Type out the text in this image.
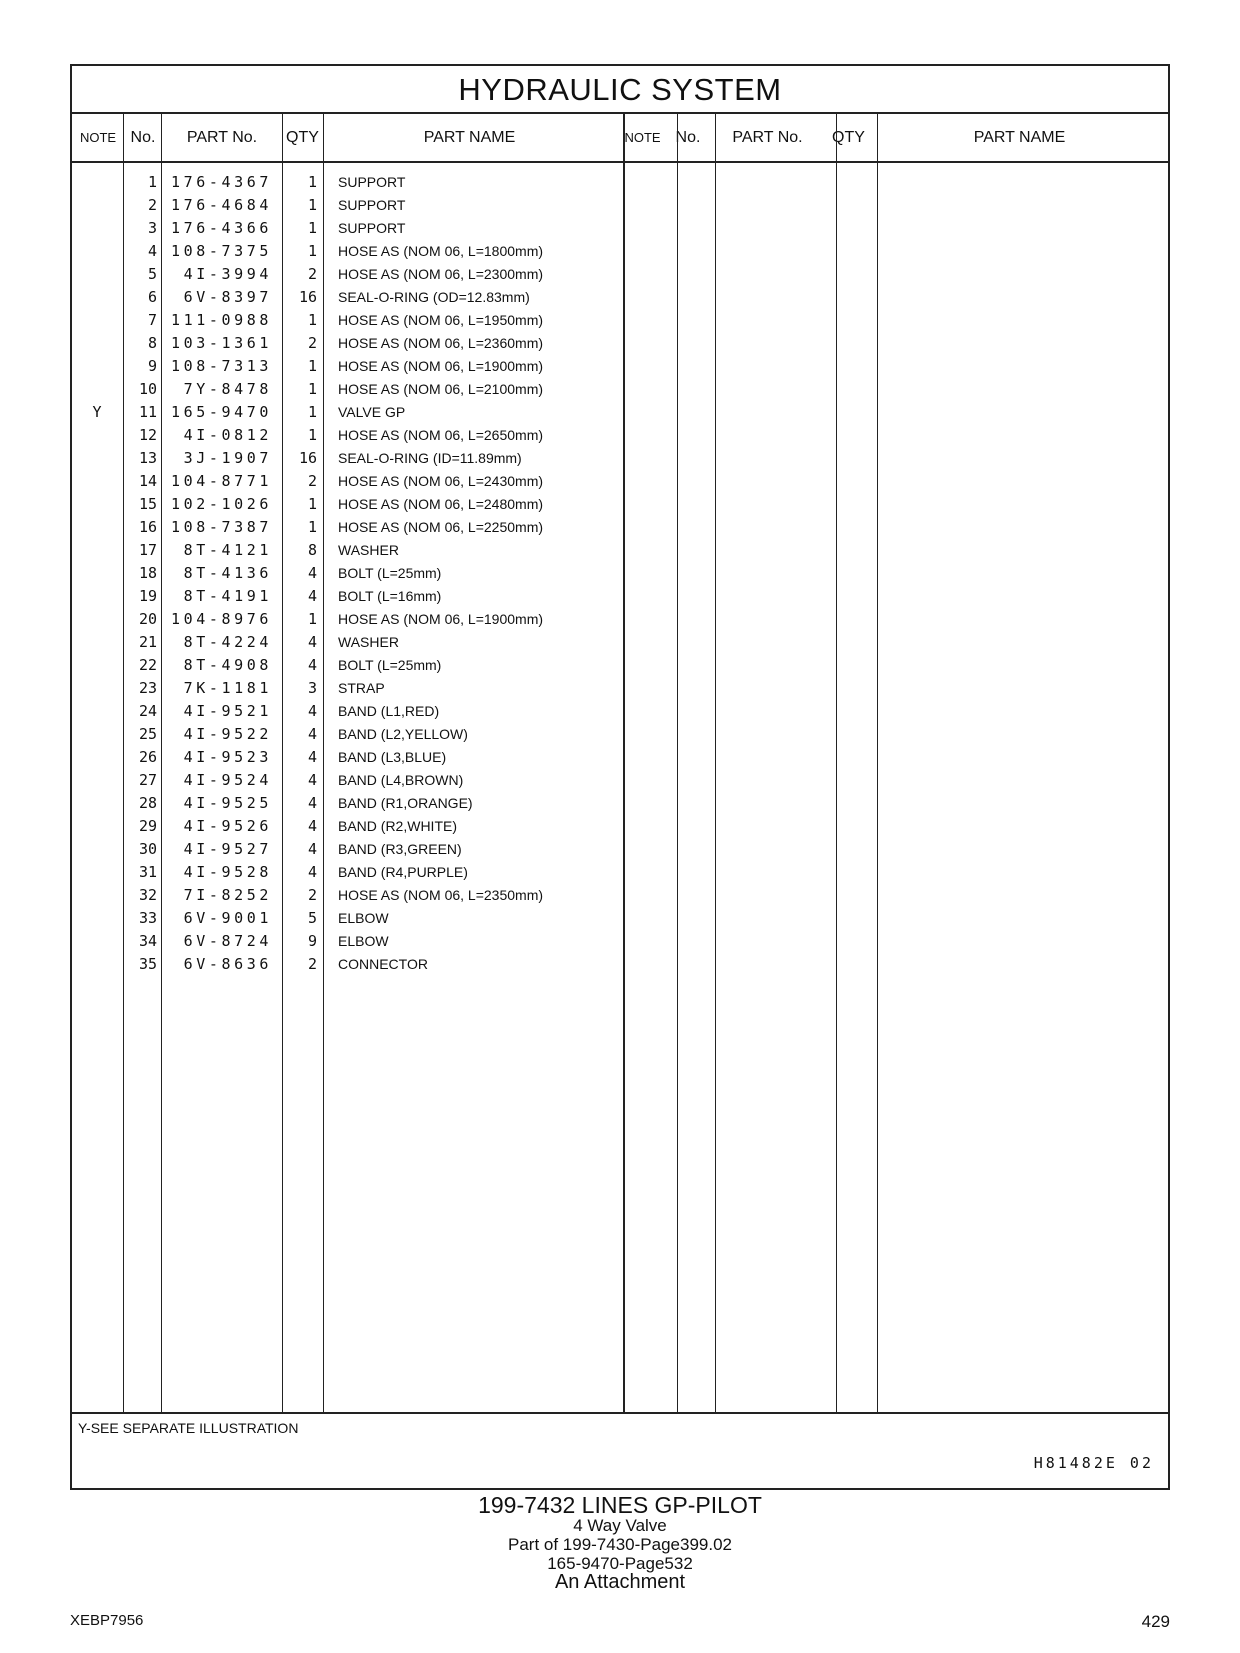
HYDRAULIC SYSTEM
NOTE No.	PART No.	QTY	PART NAME	NOTE No.	PART No.	QTY	PART NAME
1 176-4367	1 SUPPORT
2 176-4684	1 SUPPORT
3 176-4366	1 SUPPORT
4 108-7375	1 HOSE AS (NOM 06, L=1800mm)
5	4I-3994	2 HOSE AS (NOM 06, L=2300mm)
6	6V-8397	16 SEAL-O-RING (OD=12.83mm)
7 111-0988	1 HOSE AS (NOM 06, L=1950mm)
8 103-1361	2 HOSE AS (NOM 06, L=2360mm)
9 108-7313	1 HOSE AS (NOM 06, L=1900mm)
10	7Y-8478	1 HOSE AS (NOM 06, L=2100mm)
Y	11 165-9470	1 VALVE GP
12	4I-0812	1 HOSE AS (NOM 06, L=2650mm)
13	3J-1907	16 SEAL-O-RING (ID=11.89mm)
14 104-8771	2 HOSE AS (NOM 06, L=2430mm)
15 102-1026	1 HOSE AS (NOM 06, L=2480mm)
16 108-7387	1 HOSE AS (NOM 06, L=2250mm)
17	8T-4121	8 WASHER
18	8T-4136	4 BOLT (L=25mm)
19	8T-4191	4 BOLT (L=16mm)
20 104-8976	1 HOSE AS (NOM 06, L=1900mm)
21	8T-4224	4 WASHER
22	8T-4908	4 BOLT (L=25mm)
23	7K-1181	3 STRAP
24	4I-9521	4 BAND (L1,RED)
25	4I-9522	4 BAND (L2,YELLOW)
26	4I-9523	4 BAND (L3,BLUE)
27	4I-9524	4 BAND (L4,BROWN)
28	4I-9525	4 BAND (R1,ORANGE)
29	4I-9526	4 BAND (R2,WHITE)
30	4I-9527	4 BAND (R3,GREEN)
31	4I-9528	4 BAND (R4,PURPLE)
32	7I-8252	2 HOSE AS (NOM 06, L=2350mm)
33	6V-9001	5 ELBOW
34	6V-8724	9 ELBOW
35	6V-8636	2 CONNECTOR
Y-SEE SEPARATE ILLUSTRATION
H81482E 02
199-7432 LINES GP-PILOT
4 Way Valve
Part of 199-7430-Page399.02
165-9470-Page532
An Attachment
XEBP7956	429
